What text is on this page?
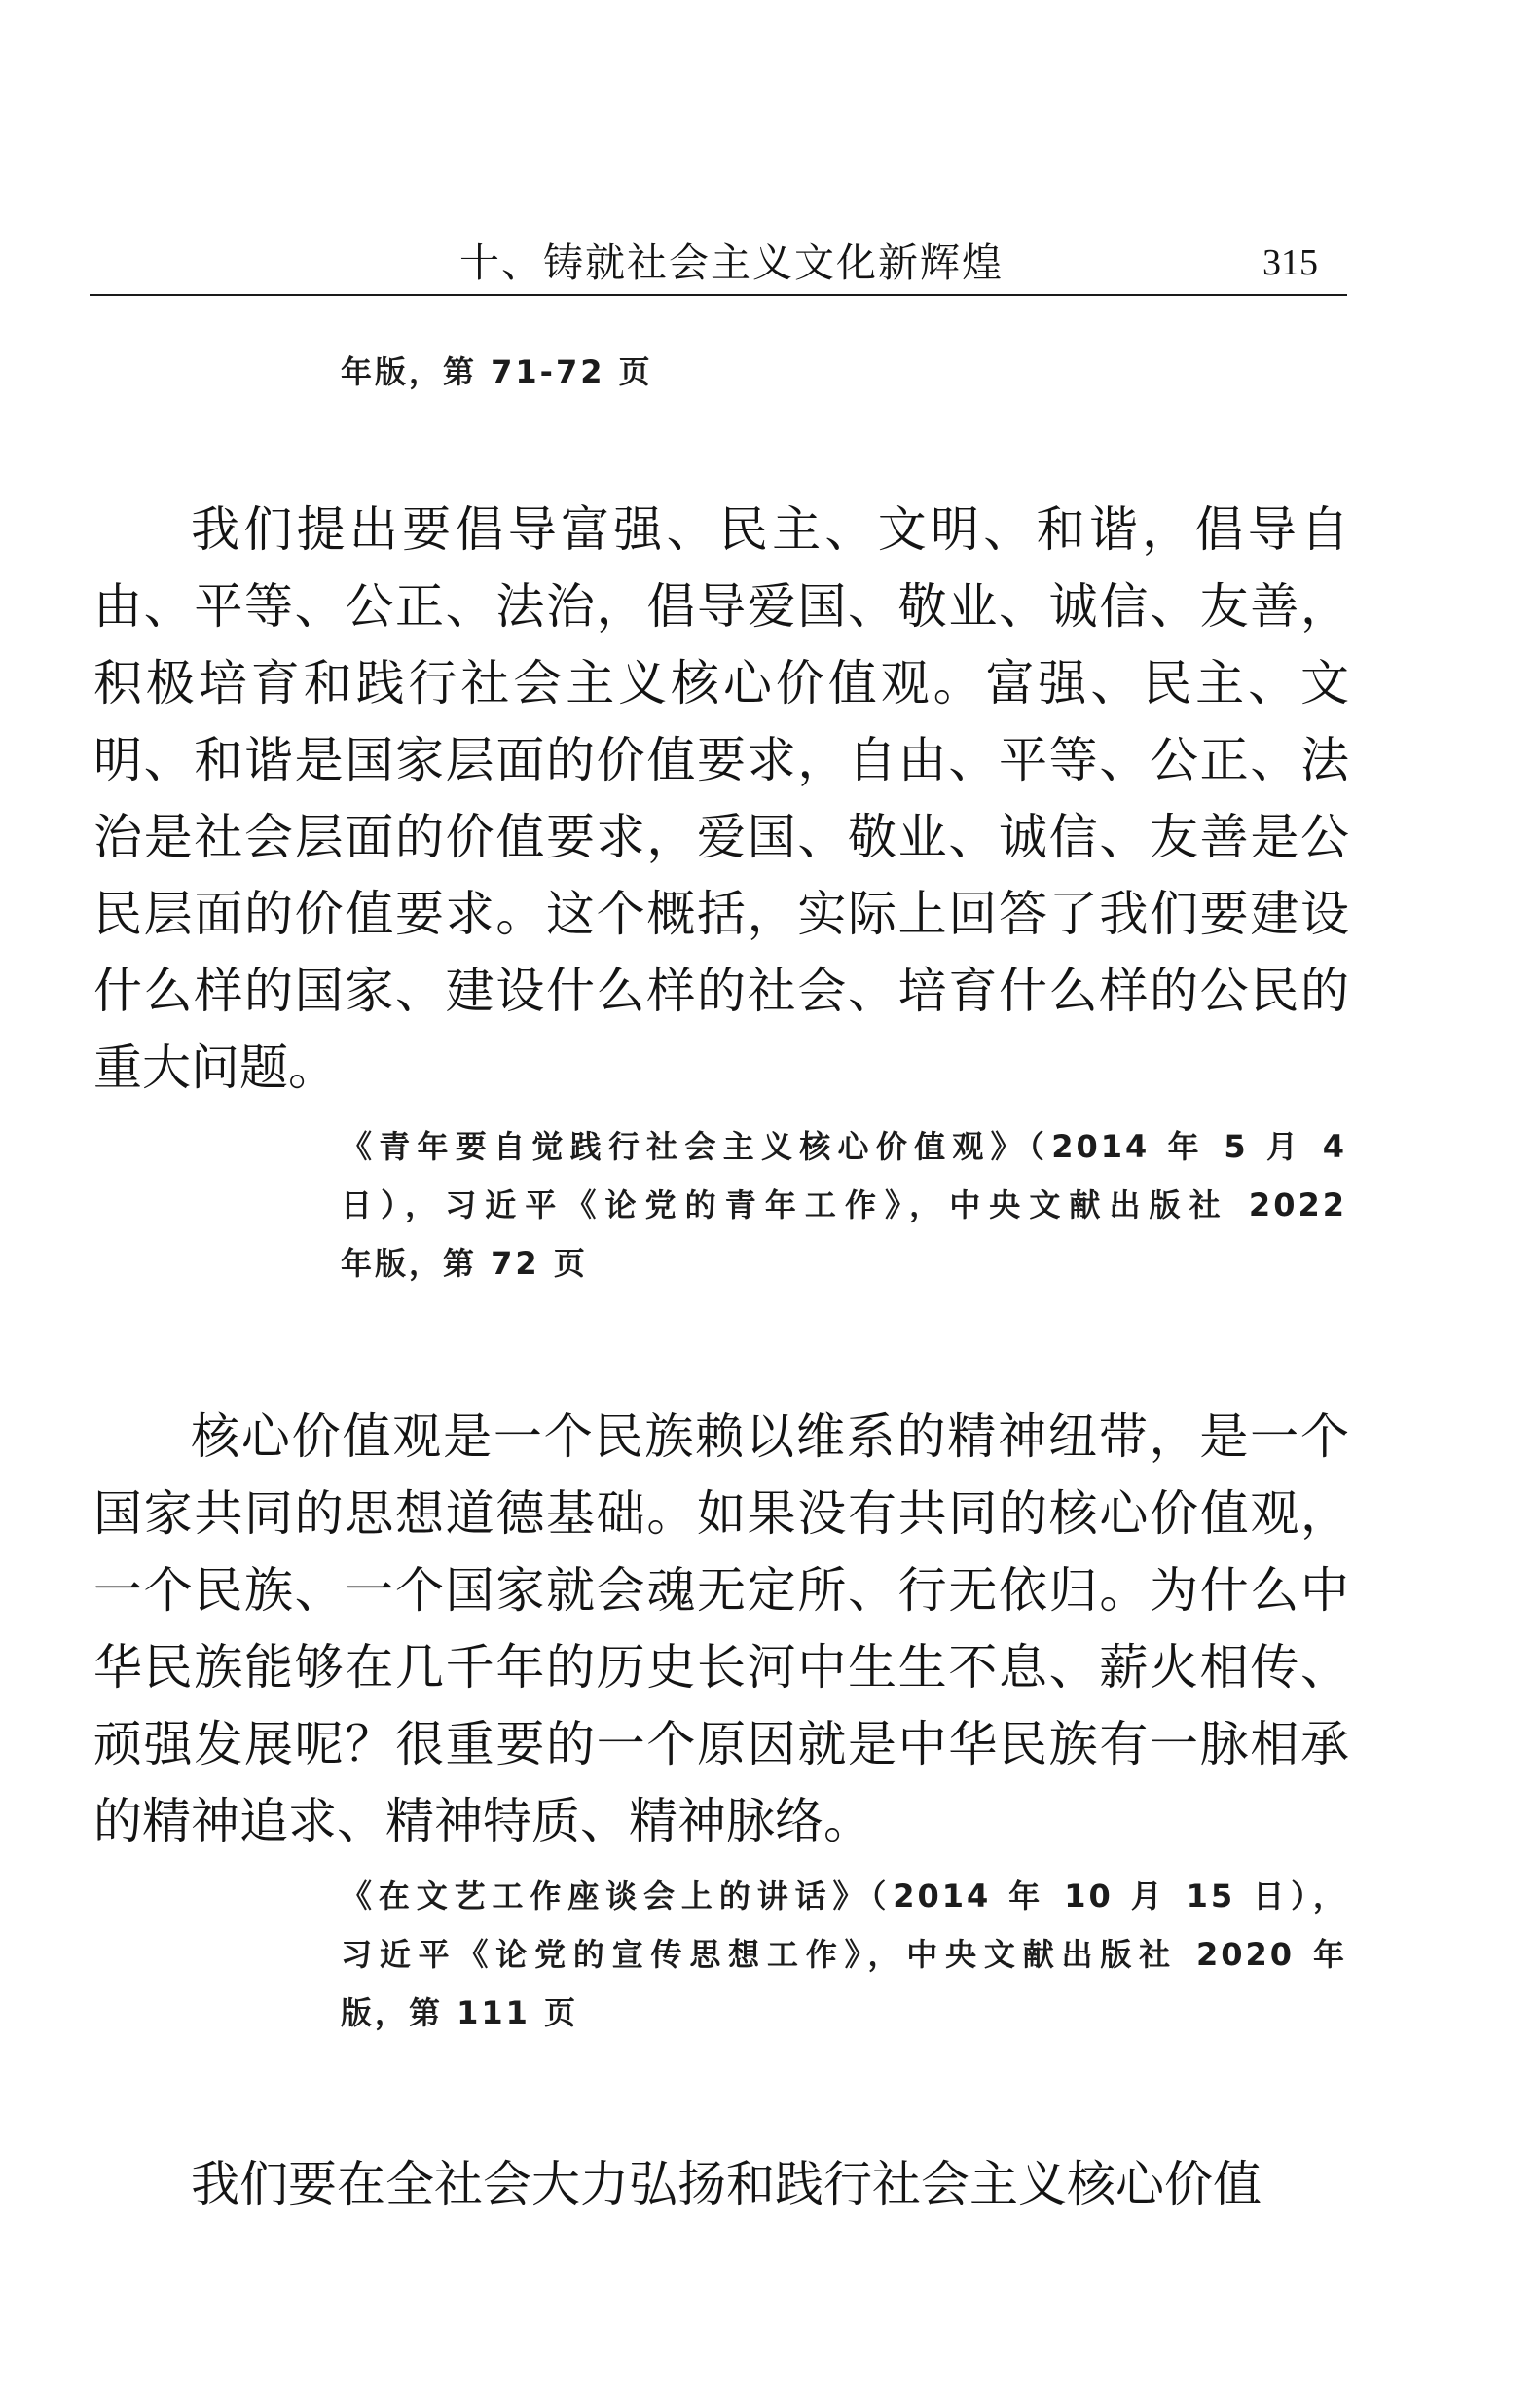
十、铸就社会主义文化新辉煌	315
年版，第 71-72 页
我们提出要倡导富强、民主、文明、和谐，倡导自
由、平等、公正、法治，倡导爱国、敬业、诚信、友善，
积极培育和践行社会主义核心价值观。富强、民主、文
明、和谐是国家层面的价值要求，自由、平等、公正、法
治是社会层面的价值要求，爱国、敬业、诚信、友善是公
民层面的价值要求。这个概括，实际上回答了我们要建设
什么样的国家、建设什么样的社会、培育什么样的公民的
重大问题。
《青年要自觉践行社会主义核心价值观》（2014 年 5 月 4
日），习近平《论党的青年工作》，中央文献出版社 2022
年版，第 72 页
核心价值观是一个民族赖以维系的精神纽带，是一个
国家共同的思想道德基础。如果没有共同的核心价值观，
一个民族、一个国家就会魂无定所、行无依归。为什么中
华民族能够在几千年的历史长河中生生不息、薪火相传、
顽强发展呢？很重要的一个原因就是中华民族有一脉相承
的精神追求、精神特质、精神脉络。
《在文艺工作座谈会上的讲话》（2014 年 10 月 15 日），
习近平《论党的宣传思想工作》，中央文献出版社 2020 年
版，第 111 页
我们要在全社会大力弘扬和践行社会主义核心价值
